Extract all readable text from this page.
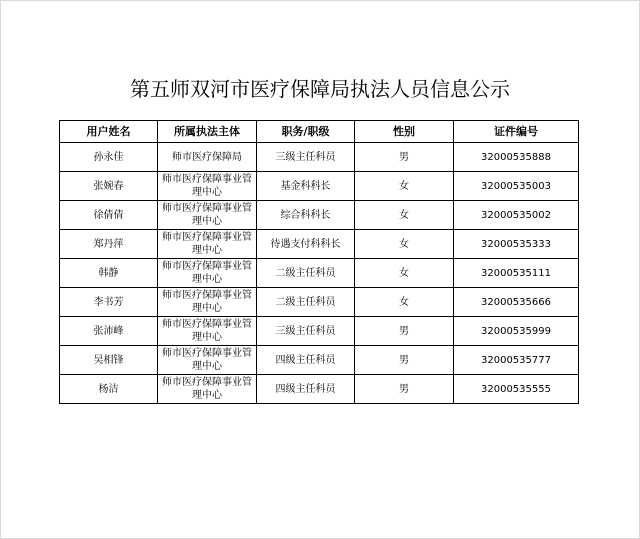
第五师双河市医疗保障局执法人员信息公示
用户姓名	所属执法主体	职务/职级	性别	证件编号
孙永佳	师市医疗保障局	三级主任科员	男	32000535888
张婉春	师市医疗保障事业管理中心	基金科科长	女	32000535003
徐倩倩	师市医疗保障事业管理中心	综合科科长	女	32000535002
郑丹萍	师市医疗保障事业管理中心	待遇支付科科长	女	32000535333
韩静	师市医疗保障事业管理中心	二级主任科员	女	32000535111
李书芳	师市医疗保障事业管理中心	二级主任科员	女	32000535666
张沛峰	师市医疗保障事业管理中心	三级主任科员	男	32000535999
吴相锋	师市医疗保障事业管理中心	四级主任科员	男	32000535777
杨洁	师市医疗保障事业管理中心	四级主任科员	男	32000535555
